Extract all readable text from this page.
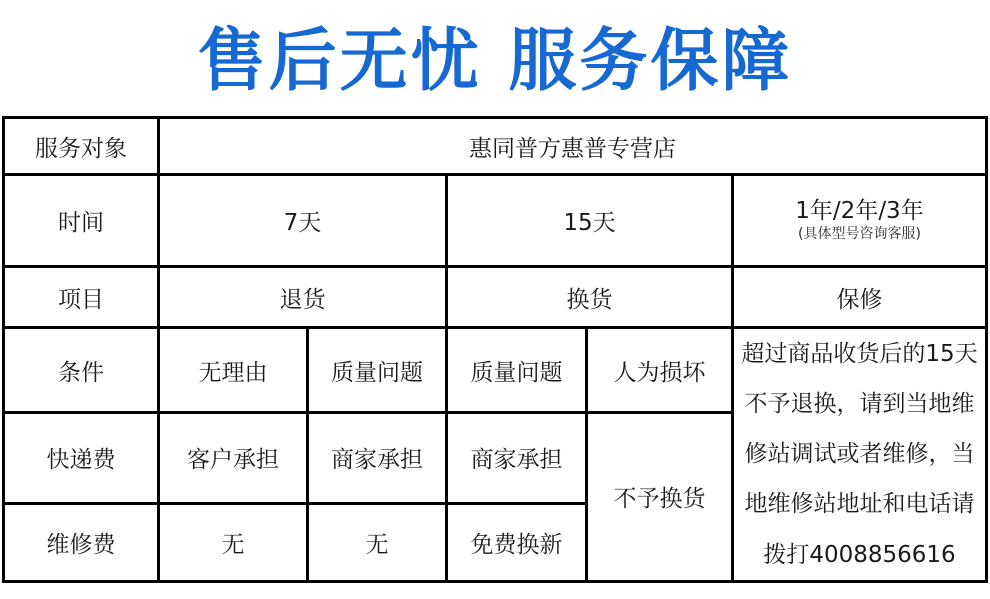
售后无忧 服务保障
服务对象	惠同普方惠普专营店				
时间	7天		15天		1年/2年/3年
(具体型号咨询客服)

项目	退货		换货		保修
条件	无理由	质量问题	质量问题	人为损坏	超过商品收货后的15天不予退换，请到当地维修站调试或者维修，当地维修站地址和电话请拨打4008856616
快递费	客户承担	商家承担	商家承担	不予换货	
维修费	无	无	免费换新		
